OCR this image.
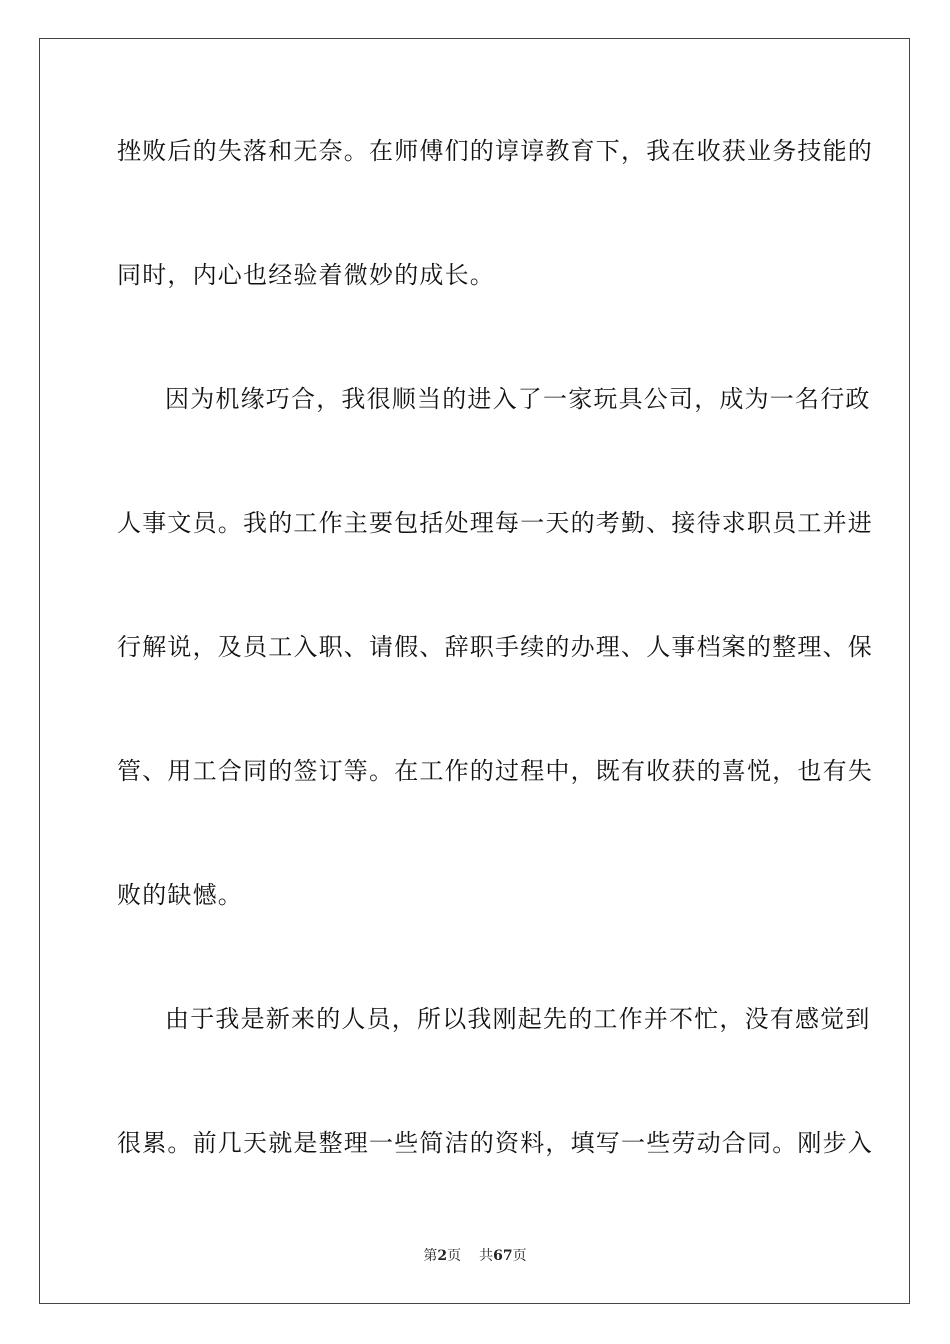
挫败后的失落和无奈。在师傅们的谆谆教育下，我在收获业务技能的
同时，内心也经验着微妙的成长。
因为机缘巧合，我很顺当的进入了一家玩具公司，成为一名行政
人事文员。我的工作主要包括处理每一天的考勤、接待求职员工并进
行解说，及员工入职、请假、辞职手续的办理、人事档案的整理、保
管、用工合同的签订等。在工作的过程中，既有收获的喜悦，也有失
败的缺憾。
由于我是新来的人员，所以我刚起先的工作并不忙，没有感觉到
很累。前几天就是整理一些简洁的资料，填写一些劳动合同。刚步入
第2页 共67页
